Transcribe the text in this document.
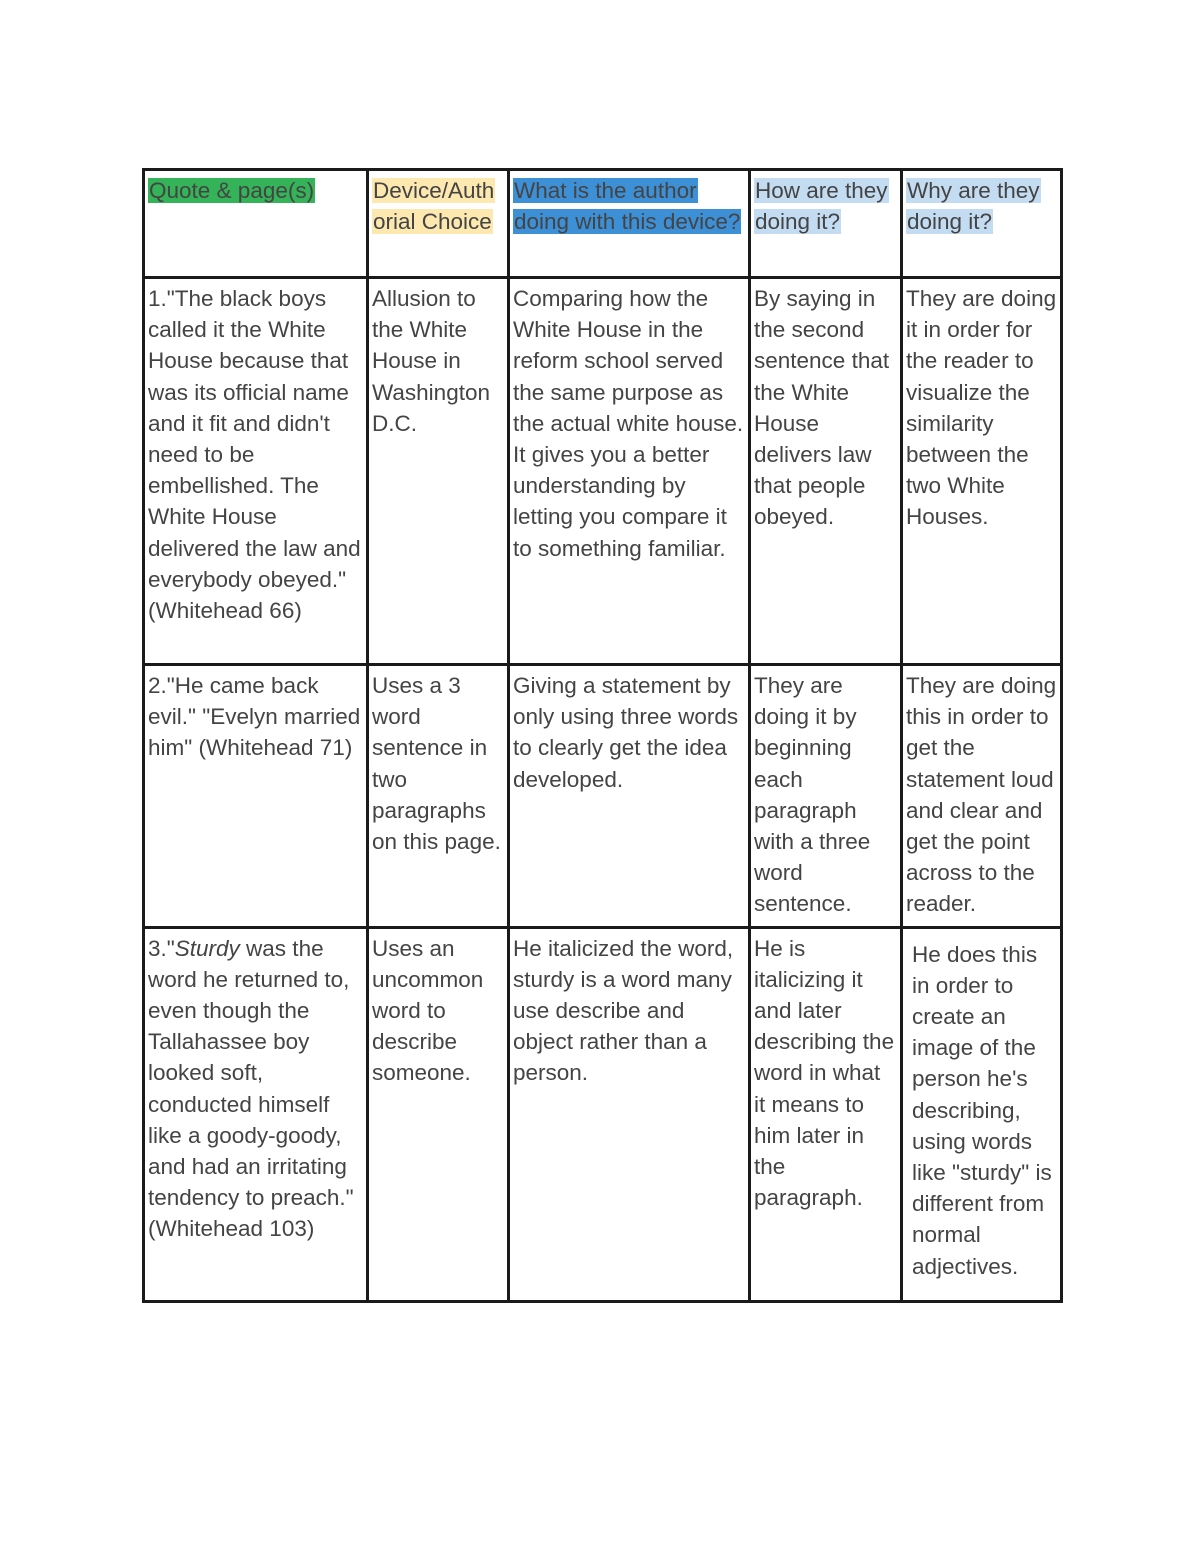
Quote & page(s)	Device/Authorial Choice	What is the author doing with this device?	How are they doing it?	Why are they doing it?
1."The black boys called it the White House because that was its official name and it fit and didn't need to be embellished. The White House delivered the law and everybody obeyed." (Whitehead 66)	Allusion to the White House in Washington D.C.	Comparing how the White House in the reform school served the same purpose as the actual white house. It gives you a better understanding by letting you compare it to something familiar.	By saying in the second sentence that the White House delivers law that people obeyed.	They are doing it in order for the reader to visualize the similarity between the two White Houses.
2."He came back evil." "Evelyn married him" (Whitehead 71)	Uses a 3 word sentence in two paragraphs on this page.	Giving a statement by only using three words to clearly get the idea developed.	They are doing it by beginning each paragraph with a three word sentence.	They are doing this in order to get the statement loud and clear and get the point across to the reader.
3."Sturdy was the word he returned to, even though the Tallahassee boy looked soft, conducted himself like a goody-goody, and had an irritating tendency to preach."(Whitehead 103)	Uses an uncommon word to describe someone.	He italicized the word, sturdy is a word many use describe and object rather than a person.	He is italicizing it and later describing the word in what it means to him later in the paragraph.	He does this in order to create an image of the person he's describing, using words like "sturdy" is different from normal adjectives.
